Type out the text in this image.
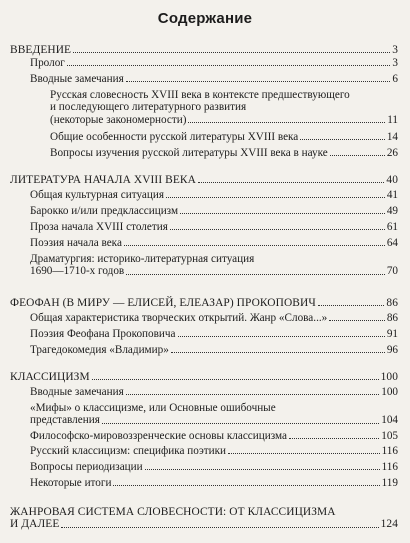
Содержание
ВВЕДЕНИЕ	3
Пролог	3
Вводные замечания	6
Русская словесность XVIII века в контексте предшествующего
и последующего литературного развития
(некоторые закономерности)	11
Общие особенности русской литературы XVIII века	14
Вопросы изучения русской литературы XVIII века в науке	26
ЛИТЕРАТУРА НАЧАЛА XVIII ВЕКА	40
Общая культурная ситуация	41
Барокко и/или предклассицизм	49
Проза начала XVIII столетия	61
Поэзия начала века	64
Драматургия: историко-литературная ситуация
1690—1710-х годов	70
ФЕОФАН (В МИРУ — ЕЛИСЕЙ, ЕЛЕАЗАР) ПРОКОПОВИЧ	86
Общая характеристика творческих открытий. Жанр «Слова...»	86
Поэзия Феофана Прокоповича	91
Трагедокомедия «Владимир»	96
КЛАССИЦИЗМ	100
Вводные замечания	100
«Мифы» о классицизме, или Основные ошибочные
представления	104
Философско-мировоззренческие основы классицизма	105
Русский классицизм: специфика поэтики	116
Вопросы периодизации	116
Некоторые итоги	119
ЖАНРОВАЯ СИСТЕМА СЛОВЕСНОСТИ: ОТ КЛАССИЦИЗМА
И ДАЛЕЕ	124
